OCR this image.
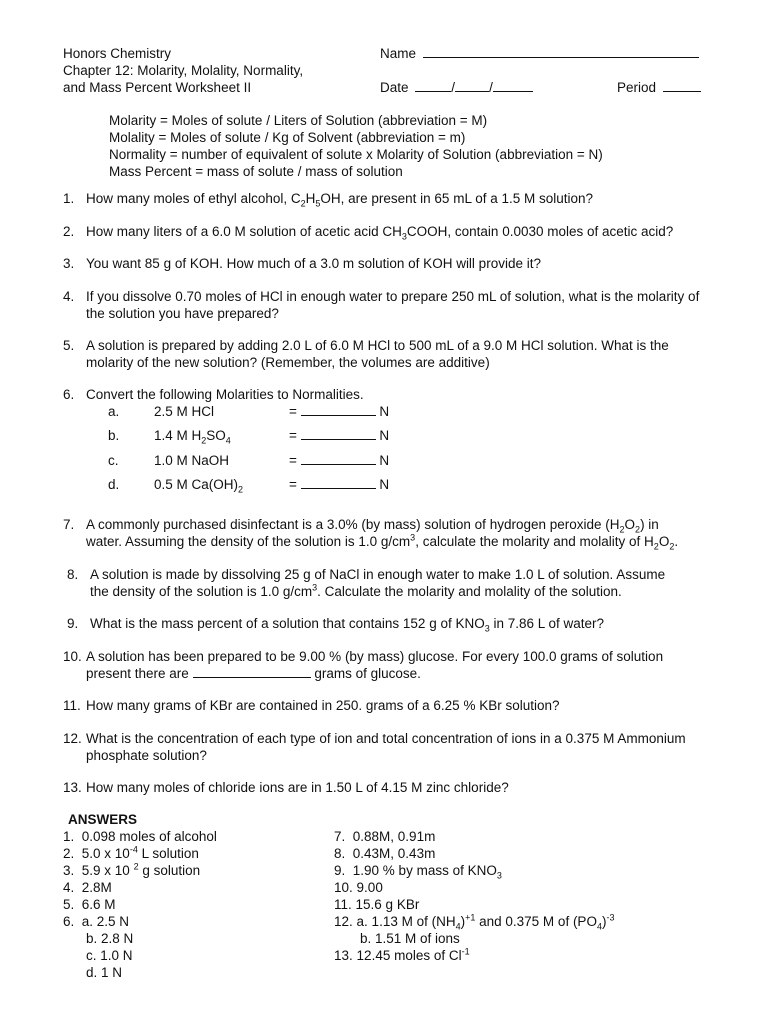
Honors Chemistry
Chapter 12: Molarity, Molality, Normality,
and Mass Percent Worksheet II
Name
Date	/	/	Period
Molarity = Moles of solute / Liters of Solution (abbreviation = M)
Molality = Moles of solute / Kg of Solvent (abbreviation = m)
Normality = number of equivalent of solute x Molarity of Solution (abbreviation = N)
Mass Percent = mass of solute / mass of solution
1. How many moles of ethyl alcohol, $C_2H_5OH$, are present in 65 mL of a 1.5 M solution?
2. How many liters of a 6.0 M solution of acetic acid $CH_3COOH$, contain 0.0030 moles of acetic acid?
3. You want 85 g of KOH. How much of a 3.0 m solution of KOH will provide it?
4. If you dissolve 0.70 moles of HCl in enough water to prepare 250 mL of solution, what is the molarity of the solution you have prepared?
5. A solution is prepared by adding 2.0 L of 6.0 M HCl to 500 mL of a 9.0 M HCl solution. What is the molarity of the new solution? (Remember, the volumes are additive)
6. Convert the following Molarities to Normalities.
a.	2.5 M HCl	=	N
b.	1.4 M $H_2SO_4$	=	N
c.	1.0 M NaOH	=	N
d.	0.5 M $Ca(OH)_2$	=	N
7. A commonly purchased disinfectant is a 3.0% (by mass) solution of hydrogen peroxide $(H_2O_2)$ in
water. Assuming the density of the solution is 1.0 $g/cm^3$, calculate the molarity and molality of $H_2O_2$.
8. A solution is made by dissolving 25 g of NaCl in enough water to make 1.0 L of solution. Assume
the density of the solution is 1.0 $g/cm^3$. Calculate the molarity and molality of the solution.
9. What is the mass percent of a solution that contains 152 g of $KNO_3$ in 7.86 L of water?
10. A solution has been prepared to be 9.00 % (by mass) glucose. For every 100.0 grams of solution
present there are	grams of glucose.
11. How many grams of KBr are contained in 250. grams of a 6.25 % KBr solution?
12. What is the concentration of each type of ion and total concentration of ions in a 0.375 M Ammonium phosphate solution?
13. How many moles of chloride ions are in 1.50 L of 4.15 M zinc chloride?
ANSWERS
1. 0.098 moles of alcohol
2. 5.0 x $10^{-4}$ L solution
3. 5.9 x 10 $^2$ g solution
4. 2.8M
5. 6.6 M
6. a. 2.5 N
b. 2.8 N
c. 1.0 N
d. 1 N
7. 0.88M, 0.91m
8. 0.43M, 0.43m
9. 1.90 % by mass of $KNO_3$
10. 9.00
11. 15.6 g KBr
12. a. 1.13 M of $(NH_4)^{+1}$ and 0.375 M of $(PO_4)^{-3}$
b. 1.51 M of ions
13. 12.45 moles of $Cl^{-1}$
